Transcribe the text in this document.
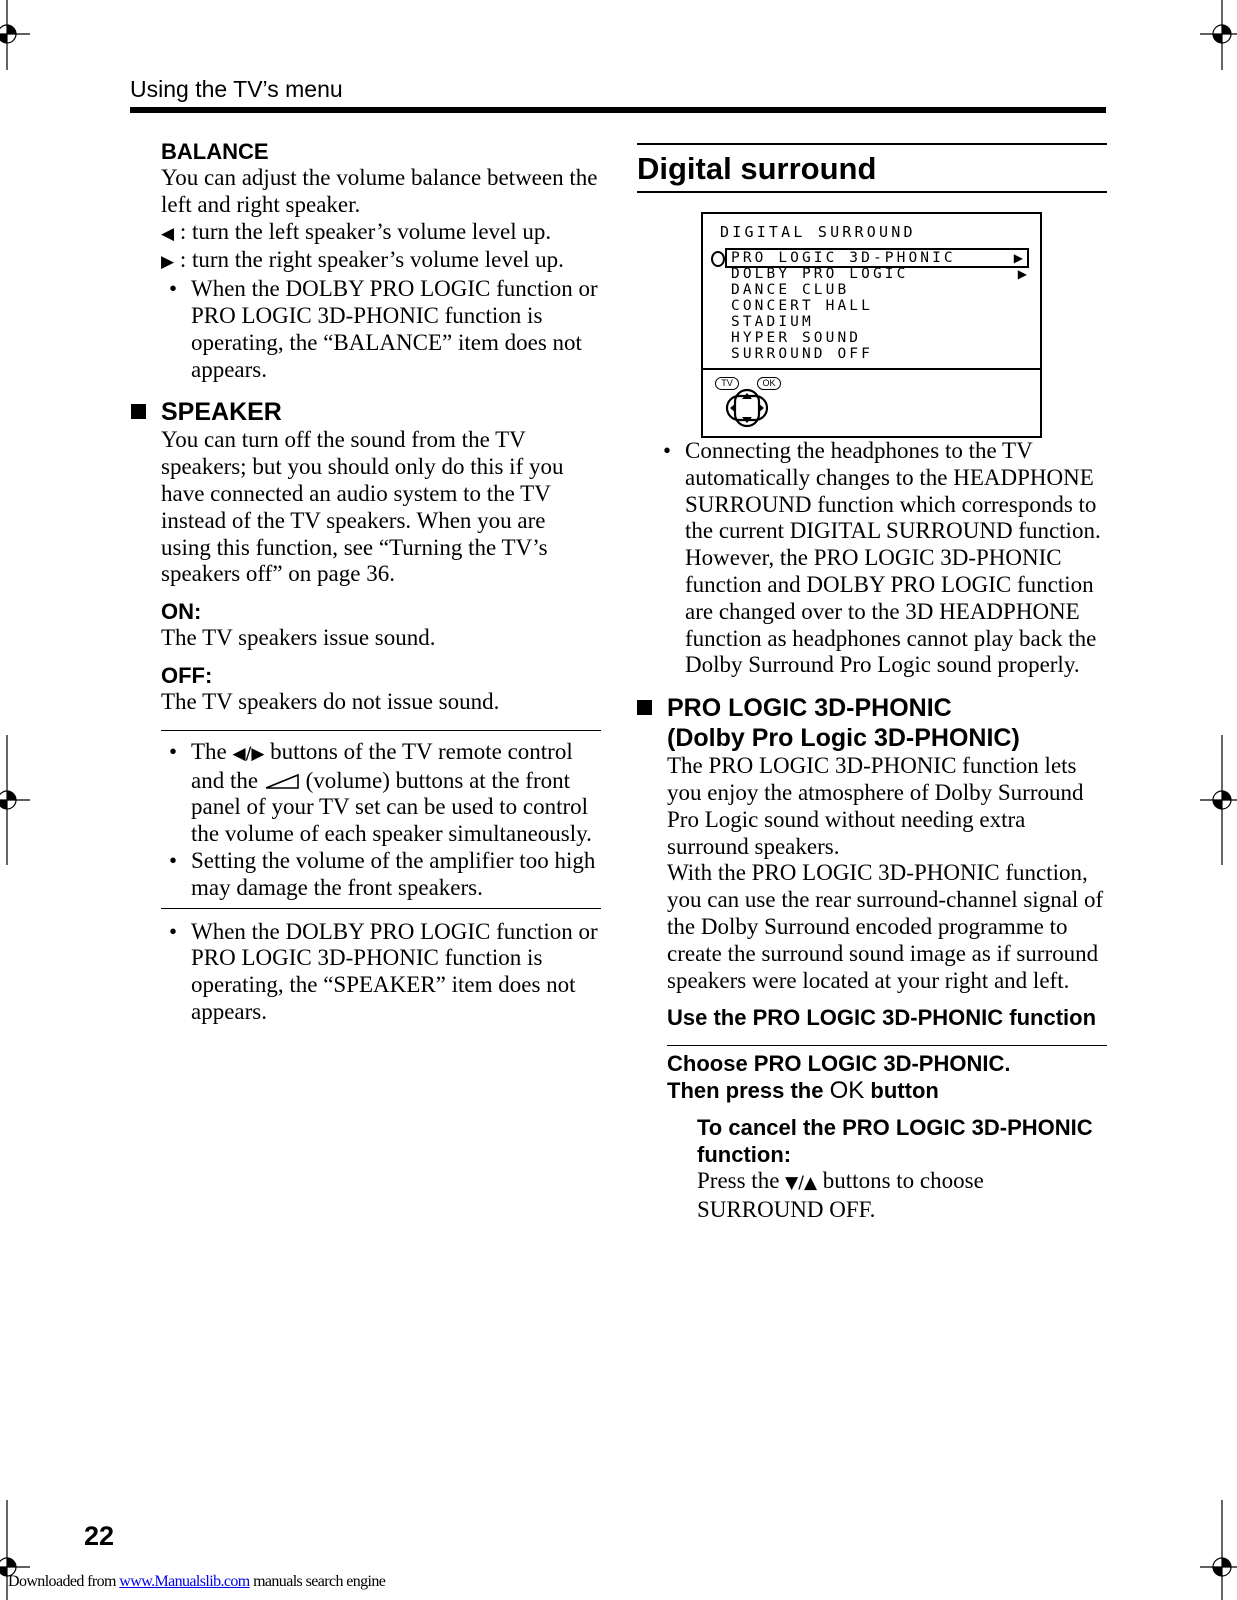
Using the TV’s menu
BALANCE

You can adjust the volume balance between the left and right speaker.

◀ : turn the left speaker’s volume level up.

▶ : turn the right speaker’s volume level up.

• When the DOLBY PRO LOGIC function or PRO LOGIC 3D-PHONIC function is operating, the “BALANCE” item does not appears.

SPEAKER

You can turn off the sound from the TV speakers; but you should only do this if you have connected an audio system to the TV instead of the TV speakers. When you are using this function, see “Turning the TV’s speakers off” on page 36.

ON:

The TV speakers issue sound.

OFF:

The TV speakers do not issue sound.

• The ◀/▶ buttons of the TV remote control and the (volume) buttons at the front panel of your TV set can be used to control the volume of each speaker simultaneously.

• Setting the volume of the amplifier too high may damage the front speakers.

• When the DOLBY PRO LOGIC function or PRO LOGIC 3D-PHONIC function is operating, the “SPEAKER” item does not appears.

Digital surround
DIGITAL SURROUND
PRO LOGIC 3D-PHONIC	▶
DOLBY PRO LOGIC	▶
DANCE CLUB
CONCERT HALL
STADIUM
HYPER SOUND
SURROUND OFF
TV	OK

• Connecting the headphones to the TV automatically changes to the HEADPHONE SURROUND function which corresponds to the current DIGITAL SURROUND function. However, the PRO LOGIC 3D-PHONIC function and DOLBY PRO LOGIC function are changed over to the 3D HEADPHONE function as headphones cannot play back the Dolby Surround Pro Logic sound properly.

PRO LOGIC 3D-PHONIC
(Dolby Pro Logic 3D-PHONIC)

The PRO LOGIC 3D-PHONIC function lets you enjoy the atmosphere of Dolby Surround Pro Logic sound without needing extra surround speakers.

With the PRO LOGIC 3D-PHONIC function, you can use the rear surround-channel signal of the Dolby Surround encoded programme to create the surround sound image as if surround speakers were located at your right and left.

Use the PRO LOGIC 3D-PHONIC function
Choose PRO LOGIC 3D-PHONIC.
Then press the OK button
To cancel the PRO LOGIC 3D-PHONIC function:

Press the ▼/▲ buttons to choose SURROUND OFF.

22
Downloaded from www.Manualslib.com manuals search engine
